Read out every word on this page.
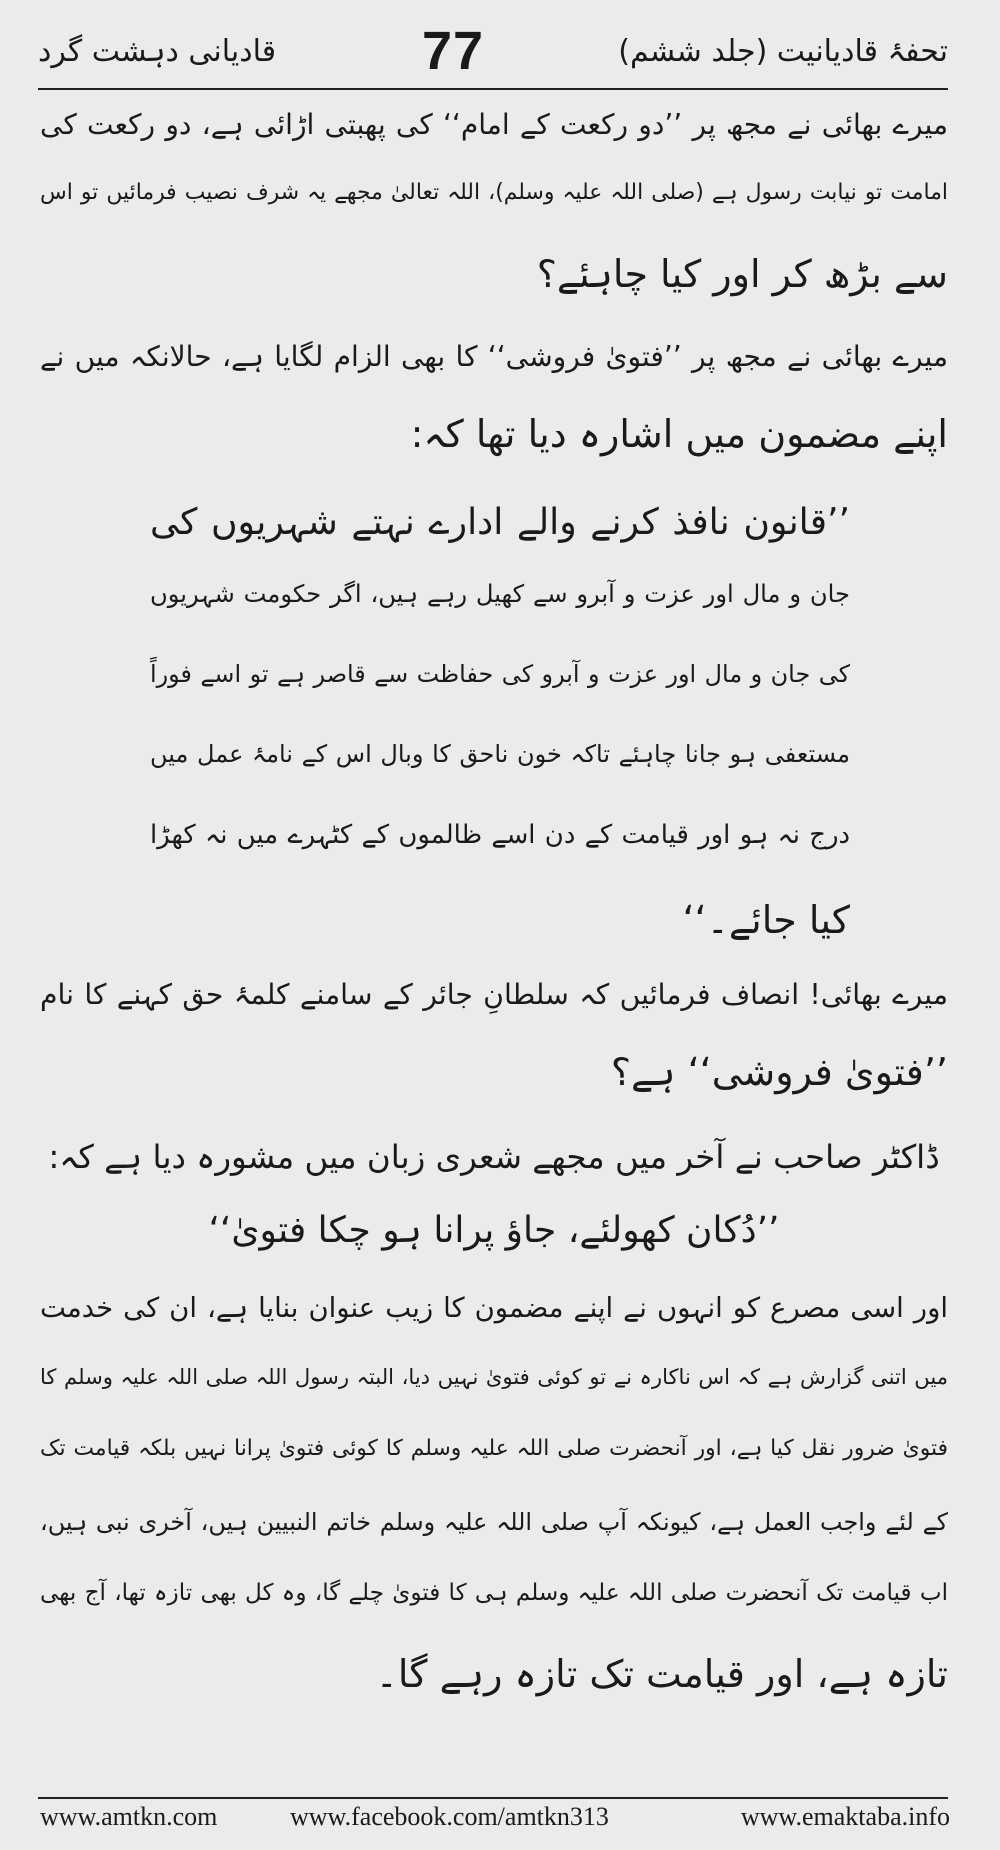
قادیانی دہشت گرد	77	تحفۂ قادیانیت (جلد ششم)
میرے بھائی نے مجھ پر ’’دو رکعت کے امام‘‘ کی پھبتی اڑائی ہے، دو رکعت کی
امامت تو نیابت رسول ہے (صلی اللہ علیہ وسلم)، اللہ تعالیٰ مجھے یہ شرف نصیب فرمائیں تو اس
سے بڑھ کر اور کیا چاہئے؟
میرے بھائی نے مجھ پر ’’فتویٰ فروشی‘‘ کا بھی الزام لگایا ہے، حالانکہ میں نے
اپنے مضمون میں اشارہ دیا تھا کہ:
’’قانون نافذ کرنے والے ادارے نہتے شہریوں کی
جان و مال اور عزت و آبرو سے کھیل رہے ہیں، اگر حکومت شہریوں
کی جان و مال اور عزت و آبرو کی حفاظت سے قاصر ہے تو اسے فوراً
مستعفی ہو جانا چاہئے تاکہ خون ناحق کا وبال اس کے نامۂ عمل میں
درج نہ ہو اور قیامت کے دن اسے ظالموں کے کٹہرے میں نہ کھڑا
کیا جائے۔‘‘
میرے بھائی! انصاف فرمائیں کہ سلطانِ جائر کے سامنے کلمۂ حق کہنے کا نام
’’فتویٰ فروشی‘‘ ہے؟
ڈاکٹر صاحب نے آخر میں مجھے شعری زبان میں مشورہ دیا ہے کہ:
’’دُکان کھولئے، جاؤ پرانا ہو چکا فتویٰ‘‘
اور اسی مصرع کو انہوں نے اپنے مضمون کا زیب عنوان بنایا ہے، ان کی خدمت
میں اتنی گزارش ہے کہ اس ناکارہ نے تو کوئی فتویٰ نہیں دیا، البتہ رسول اللہ صلی اللہ علیہ وسلم کا
فتویٰ ضرور نقل کیا ہے، اور آنحضرت صلی اللہ علیہ وسلم کا کوئی فتویٰ پرانا نہیں بلکہ قیامت تک
کے لئے واجب العمل ہے، کیونکہ آپ صلی اللہ علیہ وسلم خاتم النبیین ہیں، آخری نبی ہیں،
اب قیامت تک آنحضرت صلی اللہ علیہ وسلم ہی کا فتویٰ چلے گا، وہ کل بھی تازہ تھا، آج بھی
تازہ ہے، اور قیامت تک تازہ رہے گا۔
www.amtkn.com	www.facebook.com/amtkn313	www.emaktaba.info
